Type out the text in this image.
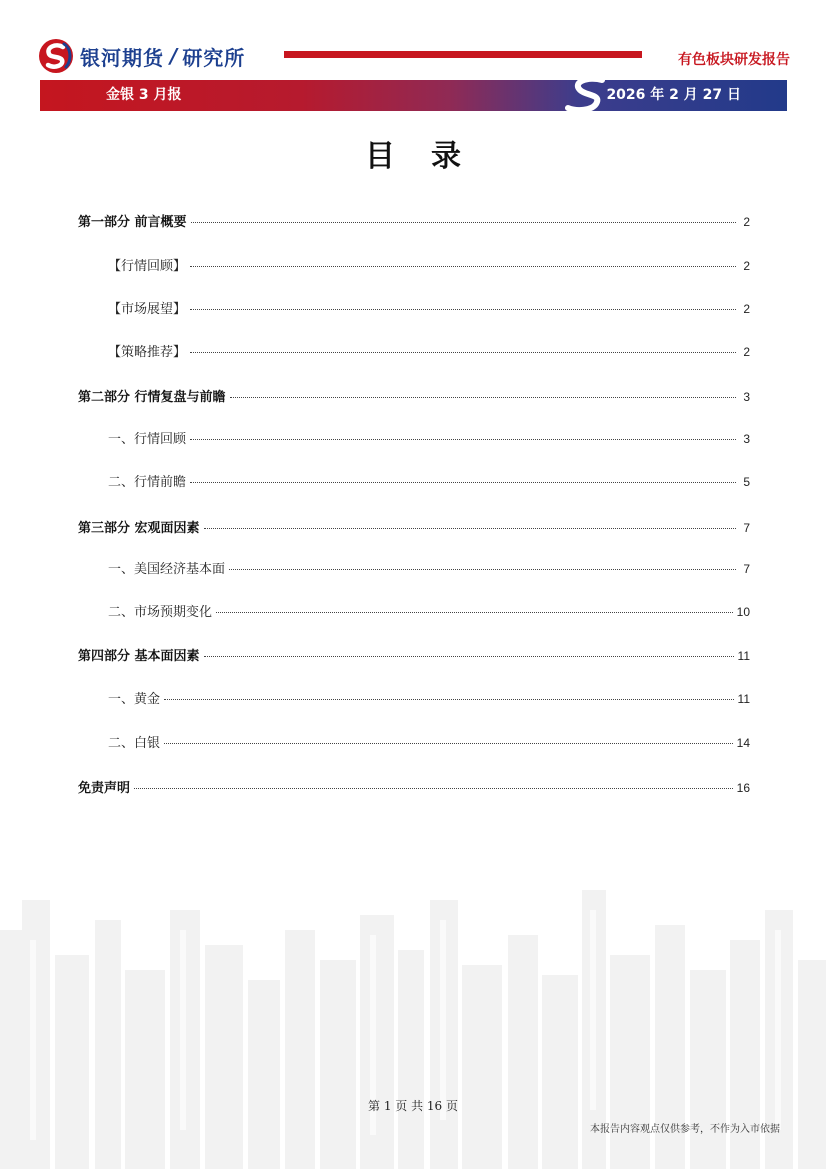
银河期货 / 研究所	有色板块研发报告
金银 3 月报	2026 年 2 月 27 日
目录
第一部分 前言概要	2
【行情回顾】	2
【市场展望】	2
【策略推荐】	2
第二部分 行情复盘与前瞻	3
一、行情回顾	3
二、行情前瞻	5
第三部分 宏观面因素	7
一、美国经济基本面	7
二、市场预期变化	10
第四部分 基本面因素	11
一、黄金	11
二、白银	14
免责声明	16
第 1 页 共 16 页
本报告内容观点仅供参考，不作为入市依据
